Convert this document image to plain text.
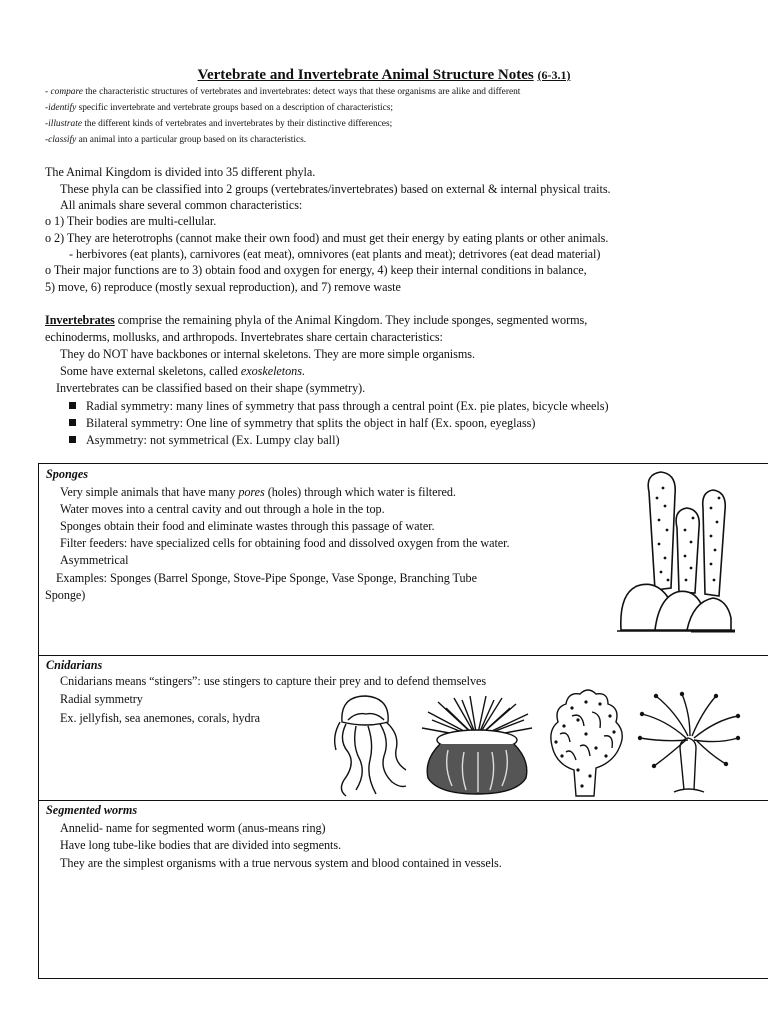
Vertebrate and Invertebrate Animal Structure Notes (6-3.1)
- compare the characteristic structures of vertebrates and invertebrates: detect ways that these organisms are alike and different
-identify specific invertebrate and vertebrate groups based on a description of characteristics;
-illustrate the different kinds of vertebrates and invertebrates by their distinctive differences;
-classify an animal into a particular group based on its characteristics.
The Animal Kingdom is divided into 35 different phyla.
These phyla can be classified into 2 groups (vertebrates/invertebrates) based on external & internal physical traits.
All animals share several common characteristics:
o 1) Their bodies are multi-cellular.
o 2) They are heterotrophs (cannot make their own food) and must get their energy by eating plants or other animals.
- herbivores (eat plants), carnivores (eat meat), omnivores (eat plants and meat); detrivores (eat dead material)
o Their major functions are to 3) obtain food and oxygen for energy, 4) keep their internal conditions in balance,
5) move, 6) reproduce (mostly sexual reproduction), and 7) remove waste
Invertebrates comprise the remaining phyla of the Animal Kingdom. They include sponges, segmented worms,
echinoderms, mollusks, and arthropods. Invertebrates share certain characteristics:
They do NOT have backbones or internal skeletons. They are more simple organisms.
Some have external skeletons, called exoskeletons.
Invertebrates can be classified based on their shape (symmetry).
Radial symmetry: many lines of symmetry that pass through a central point (Ex. pie plates, bicycle wheels)
Bilateral symmetry: One line of symmetry that splits the object in half (Ex. spoon, eyeglass)
Asymmetry: not symmetrical (Ex. Lumpy clay ball)
Sponges
Very simple animals that have many pores (holes) through which water is filtered.
Water moves into a central cavity and out through a hole in the top.
Sponges obtain their food and eliminate wastes through this passage of water.
Filter feeders: have specialized cells for obtaining food and dissolved oxygen from the water.
Asymmetrical
Examples: Sponges (Barrel Sponge, Stove-Pipe Sponge, Vase Sponge, Branching Tube
Sponge)
Cnidarians
Cnidarians means “stingers”: use stingers to capture their prey and to defend themselves
Radial symmetry
Ex. jellyfish, sea anemones, corals, hydra
Segmented worms
Annelid- name for segmented worm (anus-means ring)
Have long tube-like bodies that are divided into segments.
They are the simplest organisms with a true nervous system and blood contained in vessels.
